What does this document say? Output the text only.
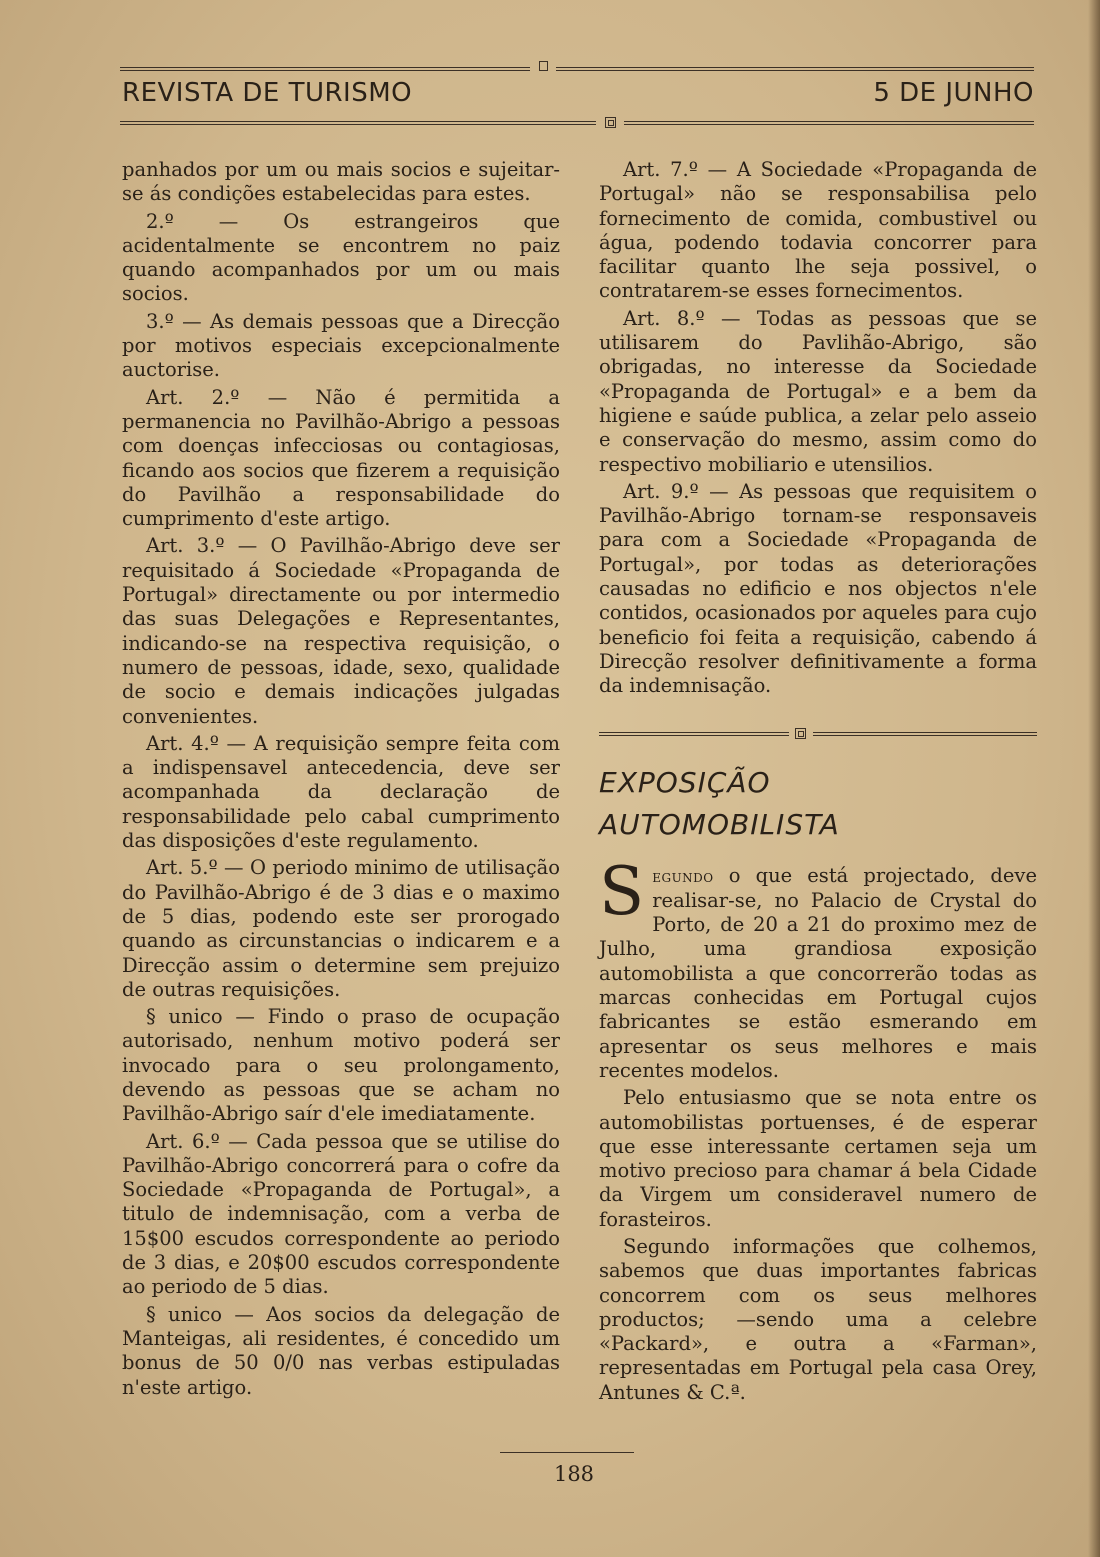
REVISTA DE TURISMO	5 DE JUNHO

panhados por um ou mais socios e sujeitar-se ás condições estabelecidas para estes.

2.º — Os estrangeiros que acidentalmente se encontrem no paiz quando acompanhados por um ou mais socios.

3.º — As demais pessoas que a Direcção por motivos especiais excepcionalmente auctorise.

Art. 2.º — Não é permitida a permanencia no Pavilhão-Abrigo a pessoas com doenças infecciosas ou contagiosas, ficando aos socios que fizerem a requisição do Pavilhão a responsabilidade do cumprimento d'este artigo.

Art. 3.º — O Pavilhão-Abrigo deve ser requisitado á Sociedade «Propaganda de Portugal» directamente ou por intermedio das suas Delegações e Representantes, indicando-se na respectiva requisição, o numero de pessoas, idade, sexo, qualidade de socio e demais indicações julgadas convenientes.

Art. 4.º — A requisição sempre feita com a indispensavel antecedencia, deve ser acompanhada da declaração de responsabilidade pelo cabal cumprimento das disposições d'este regulamento.

Art. 5.º — O periodo minimo de utilisação do Pavilhão-Abrigo é de 3 dias e o maximo de 5 dias, podendo este ser prorogado quando as circunstancias o indicarem e a Direcção assim o determine sem prejuizo de outras requisições.

§ unico — Findo o praso de ocupação autorisado, nenhum motivo poderá ser invocado para o seu prolongamento, devendo as pessoas que se acham no Pavilhão-Abrigo saír d'ele imediatamente.

Art. 6.º — Cada pessoa que se utilise do Pavilhão-Abrigo concorrerá para o cofre da Sociedade «Propaganda de Portugal», a titulo de indemnisação, com a verba de 15$00 escudos correspondente ao periodo de 3 dias, e 20$00 escudos correspondente ao periodo de 5 dias.

§ unico — Aos socios da delegação de Manteigas, ali residentes, é concedido um bonus de 50 0/0 nas verbas estipuladas n'este artigo.

Art. 7.º — A Sociedade «Propaganda de Portugal» não se responsabilisa pelo fornecimento de comida, combustivel ou água, podendo todavia concorrer para facilitar quanto lhe seja possivel, o contratarem-se esses fornecimentos.

Art. 8.º — Todas as pessoas que se utilisarem do Pavlihão-Abrigo, são obrigadas, no interesse da Sociedade «Propaganda de Portugal» e a bem da higiene e saúde publica, a zelar pelo asseio e conservação do mesmo, assim como do respectivo mobiliario e utensilios.

Art. 9.º — As pessoas que requisitem o Pavilhão-Abrigo tornam-se responsaveis para com a Sociedade «Propaganda de Portugal», por todas as deteriorações causadas no edificio e nos objectos n'ele contidos, ocasionados por aqueles para cujo beneficio foi feita a requisição, cabendo á Direcção resolver definitivamente a forma da indemnisação.

EXPOSIÇÃO
AUTOMOBILISTA

Segundo o que está projectado, deve realisar-se, no Palacio de Crystal do Porto, de 20 a 21 do proximo mez de Julho, uma grandiosa exposição automobilista a que concorrerão todas as marcas conhecidas em Portugal cujos fabricantes se estão esmerando em apresentar os seus melhores e mais recentes modelos.

Pelo entusiasmo que se nota entre os automobilistas portuenses, é de esperar que esse interessante certamen seja um motivo precioso para chamar á bela Cidade da Virgem um consideravel numero de forasteiros.

Segundo informações que colhemos, sabemos que duas importantes fabricas concorrem com os seus melhores productos; —sendo uma a celebre «Packard», e outra a «Farman», representadas em Portugal pela casa Orey, Antunes & C.ª.

188
